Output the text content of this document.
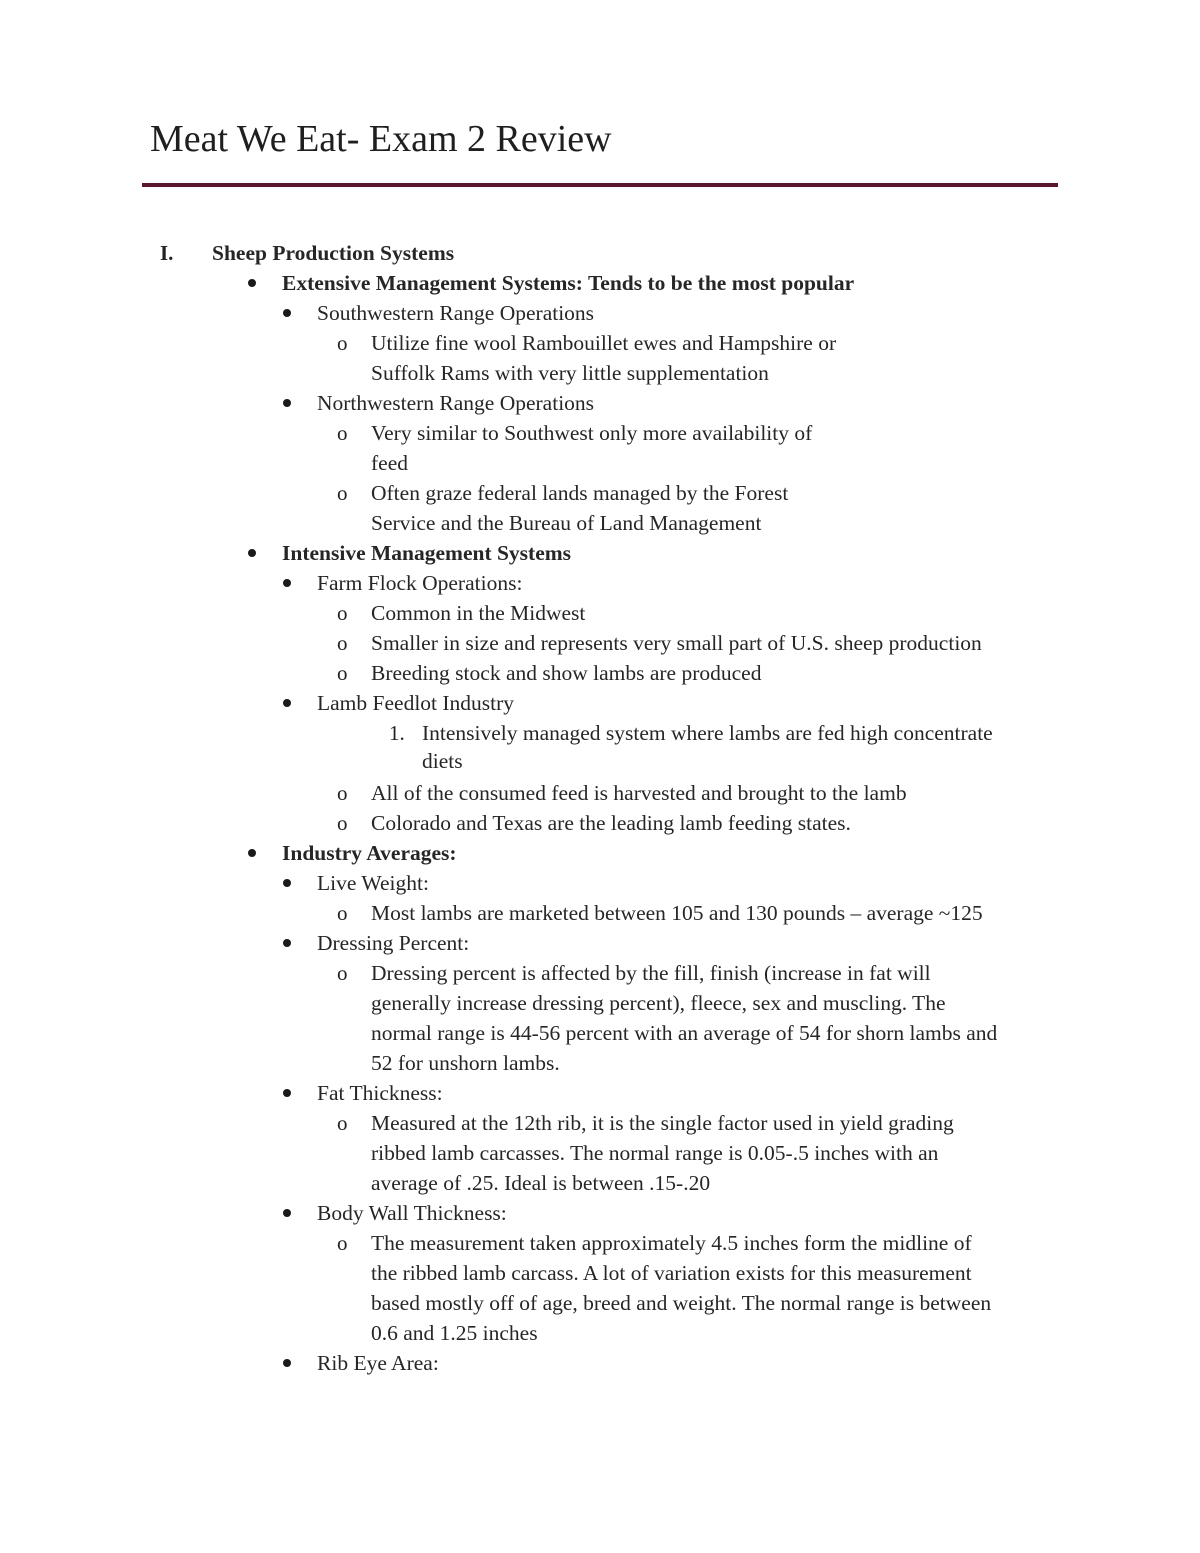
Meat We Eat- Exam 2 Review
I. Sheep Production Systems
Extensive Management Systems: Tends to be the most popular
Southwestern Range Operations
o Utilize fine wool Rambouillet ewes and Hampshire or
Suffolk Rams with very little supplementation
Northwestern Range Operations
o Very similar to Southwest only more availability of
feed
o Often graze federal lands managed by the Forest
Service and the Bureau of Land Management
Intensive Management Systems
Farm Flock Operations:
o Common in the Midwest
o Smaller in size and represents very small part of U.S. sheep production
o Breeding stock and show lambs are produced
Lamb Feedlot Industry
1. Intensively managed system where lambs are fed high concentrate
diets
o All of the consumed feed is harvested and brought to the lamb
o Colorado and Texas are the leading lamb feeding states.
Industry Averages:
Live Weight:
o Most lambs are marketed between 105 and 130 pounds – average ~125
Dressing Percent:
o Dressing percent is affected by the fill, finish (increase in fat will
generally increase dressing percent), fleece, sex and muscling. The
normal range is 44-56 percent with an average of 54 for shorn lambs and
52 for unshorn lambs.
Fat Thickness:
o Measured at the 12th rib, it is the single factor used in yield grading
ribbed lamb carcasses. The normal range is 0.05-.5 inches with an
average of .25. Ideal is between .15-.20
Body Wall Thickness:
o The measurement taken approximately 4.5 inches form the midline of
the ribbed lamb carcass. A lot of variation exists for this measurement
based mostly off of age, breed and weight. The normal range is between
0.6 and 1.25 inches
Rib Eye Area:
